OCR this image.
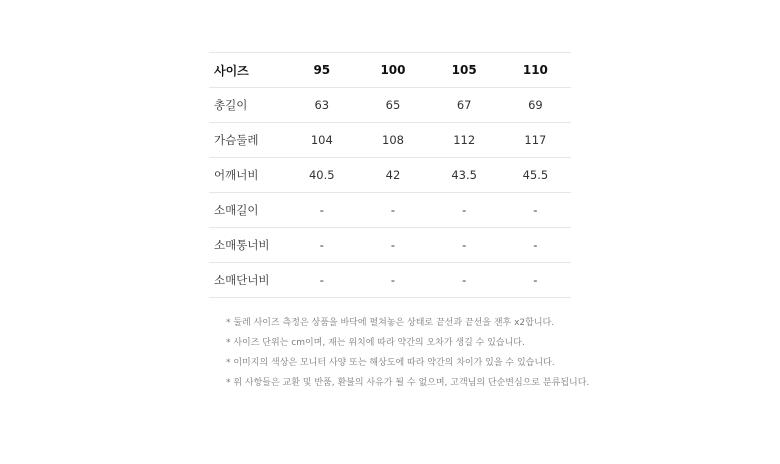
사이즈	95	100	105	110
총길이	63	65	67	69
가슴둘레	104	108	112	117
어깨너비	40.5	42	43.5	45.5
소매길이	-	-	-	-
소매통너비	-	-	-	-
소매단너비	-	-	-	-
* 둘레 사이즈 측정은 상품을 바닥에 펼쳐놓은 상태로 끝선과 끝선을 잰후 x2합니다.
* 사이즈 단위는 cm이며, 재는 위치에 따라 약간의 오차가 생길 수 있습니다.
* 이미지의 색상은 모니터 사양 또는 해상도에 따라 약간의 차이가 있을 수 있습니다.
* 위 사항들은 교환 및 반품, 환불의 사유가 될 수 없으며, 고객님의 단순변심으로 분류됩니다.
